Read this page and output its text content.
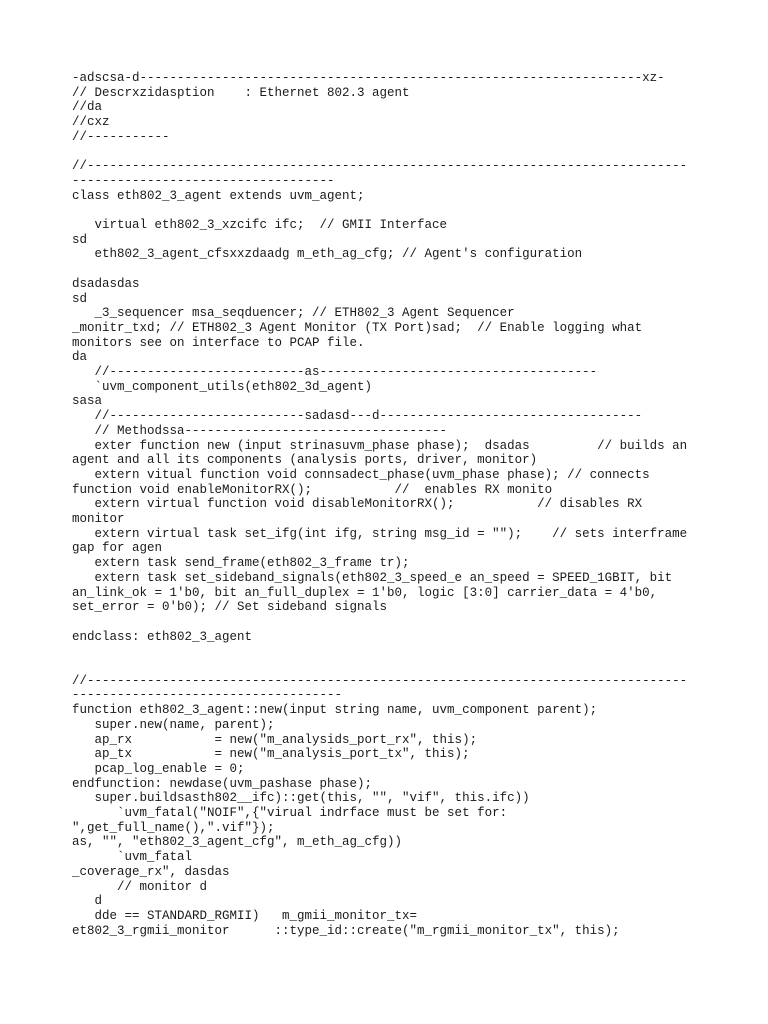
-adscsa-d-------------------------------------------------------------------xz-
// Descrxzidasption    : Ethernet 802.3 agent
//da
//cxz
//-----------
//--------------------------------------------------------------------------------
-----------------------------------
class eth802_3_agent extends uvm_agent;
virtual eth802_3_xzcifc ifc;  // GMII Interface
sd
eth802_3_agent_cfsxxzdaadg m_eth_ag_cfg; // Agent's configuration
dsadasdas
sd
_3_sequencer msa_seqduencer; // ETH802_3 Agent Sequencer
_monitr_txd; // ETH802_3 Agent Monitor (TX Port)sad;  // Enable logging what
monitors see on interface to PCAP file.
da
//--------------------------as-------------------------------------
`uvm_component_utils(eth802_3d_agent)
sasa
//--------------------------sadasd---d-----------------------------------
// Methodssa-----------------------------------
exter function new (input strinasuvm_phase phase);  dsadas         // builds an
agent and all its components (analysis ports, driver, monitor)
extern vitual function void connsadect_phase(uvm_phase phase); // connects
function void enableMonitorRX();           //  enables RX monito
extern virtual function void disableMonitorRX();           // disables RX
monitor
extern virtual task set_ifg(int ifg, string msg_id = "");    // sets interframe
gap for agen
extern task send_frame(eth802_3_frame tr);
extern task set_sideband_signals(eth802_3_speed_e an_speed = SPEED_1GBIT, bit
an_link_ok = 1'b0, bit an_full_duplex = 1'b0, logic [3:0] carrier_data = 4'b0,
set_error = 0'b0); // Set sideband signals
endclass: eth802_3_agent
//--------------------------------------------------------------------------------
------------------------------------
function eth802_3_agent::new(input string name, uvm_component parent);
super.new(name, parent);
ap_rx           = new("m_analysids_port_rx", this);
ap_tx           = new("m_analysis_port_tx", this);
pcap_log_enable = 0;
endfunction: newdase(uvm_pashase phase);
super.buildsasth802__ifc)::get(this, "", "vif", this.ifc))
`uvm_fatal("NOIF",{"virual indrface must be set for:
",get_full_name(),".vif"});
as, "", "eth802_3_agent_cfg", m_eth_ag_cfg))
`uvm_fatal
_coverage_rx", dasdas
// monitor d
d
dde == STANDARD_RGMII)   m_gmii_monitor_tx=
et802_3_rgmii_monitor      ::type_id::create("m_rgmii_monitor_tx", this);
